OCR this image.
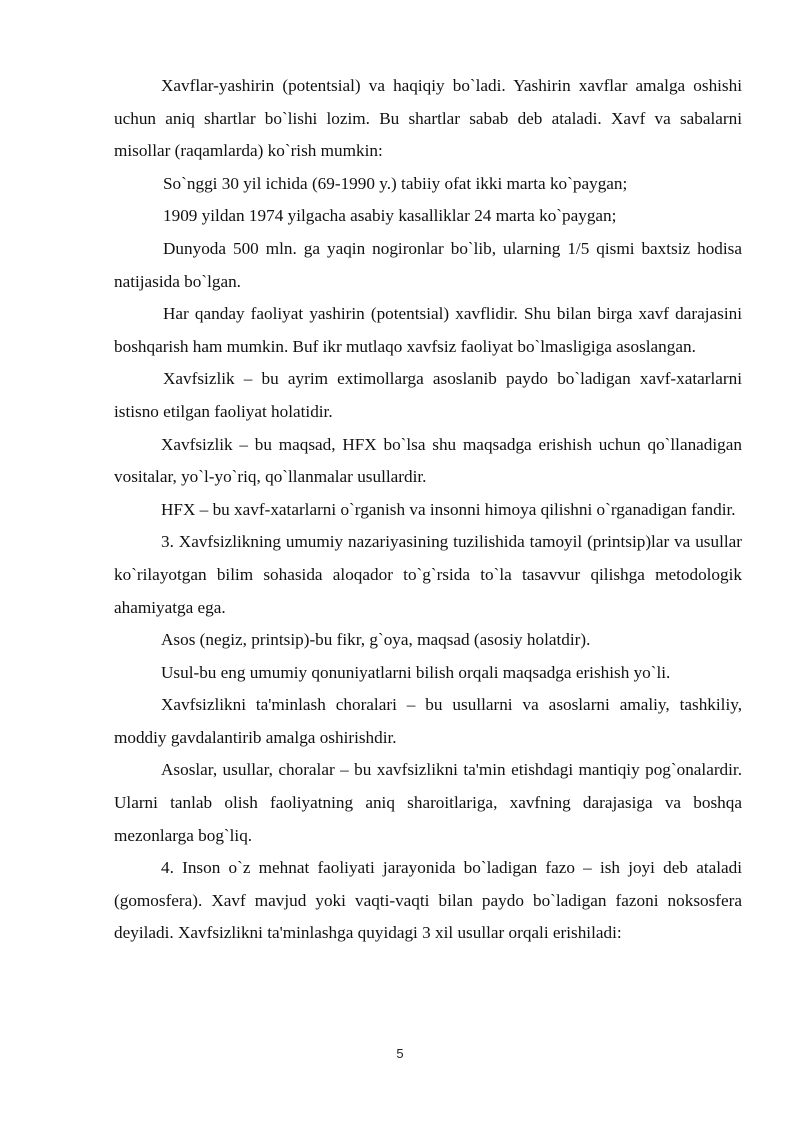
Xavflar-yashirin (potentsial) va haqiqiy bo`ladi. Yashirin xavflar amalga oshishi uchun aniq shartlar bo`lishi lozim. Bu shartlar sabab deb ataladi. Xavf va sabalarni misollar (raqamlarda) ko`rish mumkin:

So`nggi 30 yil ichida (69-1990 y.) tabiiy ofat ikki marta ko`paygan;

1909 yildan 1974 yilgacha asabiy kasalliklar 24 marta ko`paygan;

Dunyoda 500 mln. ga yaqin nogironlar bo`lib, ularning 1/5 qismi baxtsiz hodisa natijasida bo`lgan.

Har qanday faoliyat yashirin (potentsial) xavflidir. Shu bilan birga xavf darajasini boshqarish ham mumkin. Buf ikr mutlaqo xavfsiz faoliyat bo`lmasligiga asoslangan.

Xavfsizlik – bu ayrim extimollarga asoslanib paydo bo`ladigan xavf-xatarlarni istisno etilgan faoliyat holatidir.

Xavfsizlik – bu maqsad, HFX bo`lsa shu maqsadga erishish uchun qo`llanadigan vositalar, yo`l-yo`riq, qo`llanmalar usullardir.

HFX – bu xavf-xatarlarni o`rganish va insonni himoya qilishni o`rganadigan fandir.

3. Xavfsizlikning umumiy nazariyasining tuzilishida tamoyil (printsip)lar va usullar ko`rilayotgan bilim sohasida aloqador to`g`rsida to`la tasavvur qilishga metodologik ahamiyatga ega.

Asos (negiz, printsip)-bu fikr, g`oya, maqsad (asosiy holatdir).

Usul-bu eng umumiy qonuniyatlarni bilish orqali maqsadga erishish yo`li.

Xavfsizlikni ta'minlash choralari – bu usullarni va asoslarni amaliy, tashkiliy, moddiy gavdalantirib amalga oshirishdir.

Asoslar, usullar, choralar – bu xavfsizlikni ta'min etishdagi mantiqiy pog`onalardir. Ularni tanlab olish faoliyatning aniq sharoitlariga, xavfning darajasiga va boshqa mezonlarga bog`liq.

4. Inson o`z mehnat faoliyati jarayonida bo`ladigan fazo – ish joyi deb ataladi (gomosfera). Xavf mavjud yoki vaqti-vaqti bilan paydo bo`ladigan fazoni noksosfera deyiladi. Xavfsizlikni ta'minlashga quyidagi 3 xil usullar orqali erishiladi:

5
